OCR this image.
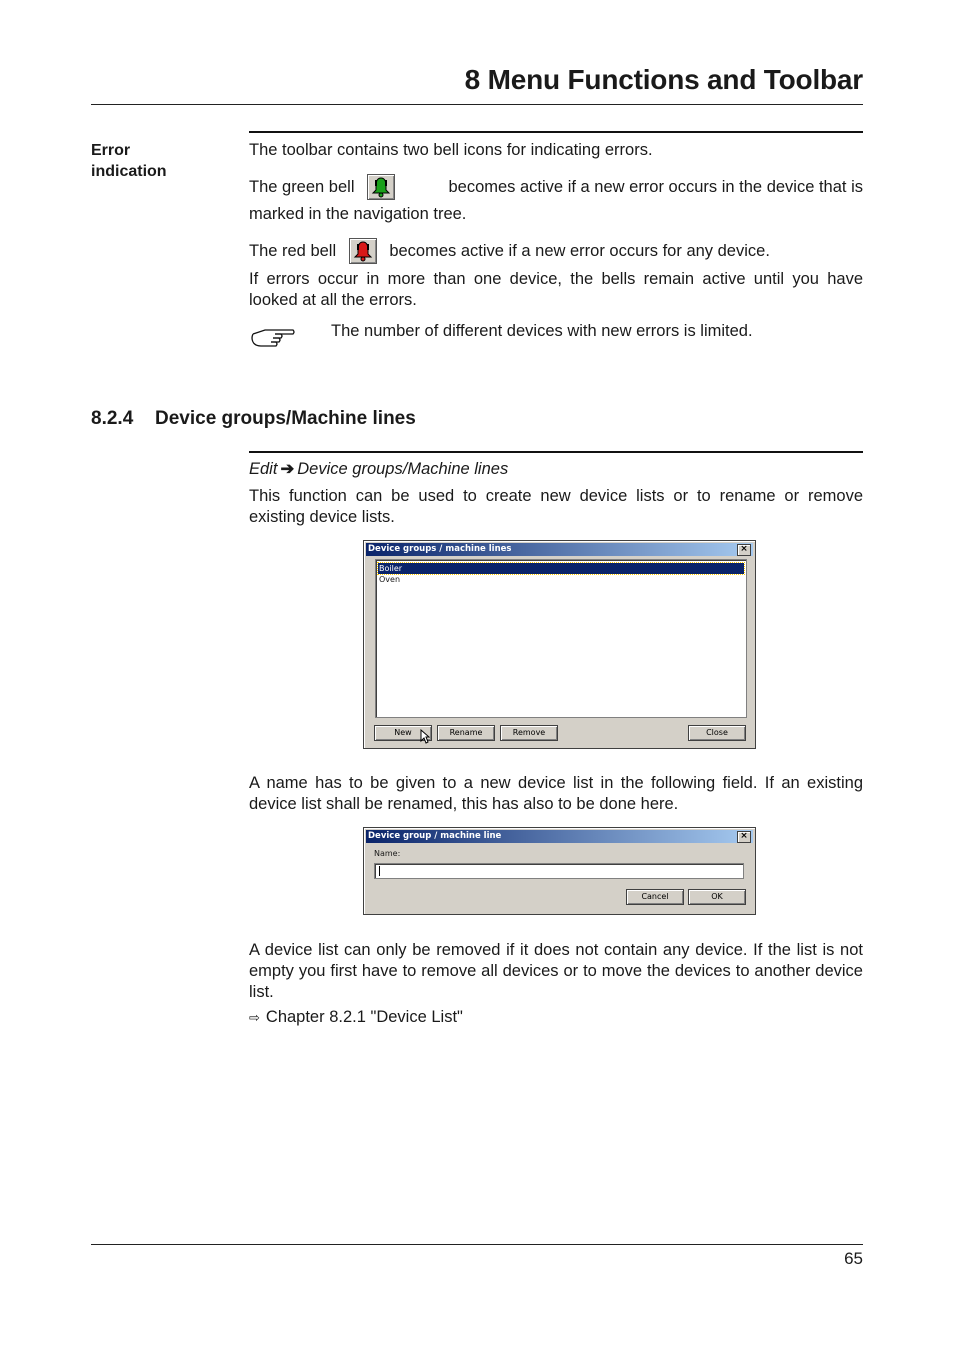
8 Menu Functions and Toolbar
Error
indication
The toolbar contains two bell icons for indicating errors.
The green bell	becomes active if a new error occurs in the device that is
marked in the navigation tree.
The red bell	becomes active if a new error occurs for any device.
If errors occur in more than one device, the bells remain active until you have looked at all the errors.
The number of different devices with new errors is limited.
8.2.4 Device groups/Machine lines
Edit ➔ Device groups/Machine lines
This function can be used to create new device lists or to rename or remove existing device lists.
Device groups / machine lines	×
Boiler
Oven
New	Rename	Remove	Close
A name has to be given to a new device list in the following field. If an existing device list shall be renamed, this has also to be done here.
Device group / machine line	×
Name:
Cancel	OK
A device list can only be removed if it does not contain any device. If the list is not empty you first have to remove all devices or to move the devices to another device list.
⇨ Chapter 8.2.1 "Device List"
65
